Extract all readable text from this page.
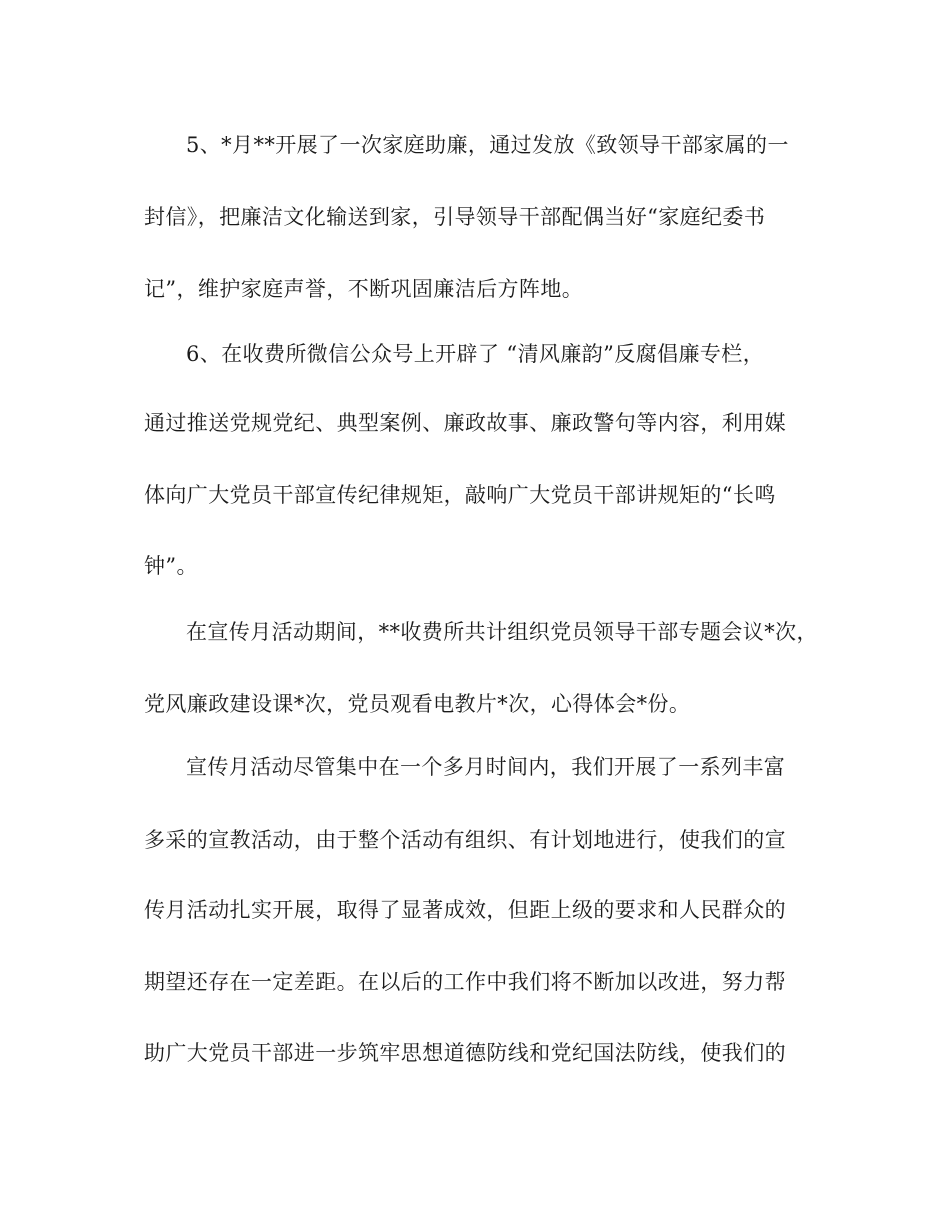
5、*月**开展了一次家庭助廉，通过发放《致领导干部家属的一
封信》，把廉洁文化输送到家，引导领导干部配偶当好“家庭纪委书
记”，维护家庭声誉，不断巩固廉洁后方阵地。
6、在收费所微信公众号上开辟了 “清风廉韵”反腐倡廉专栏，
通过推送党规党纪、典型案例、廉政故事、廉政警句等内容，利用媒
体向广大党员干部宣传纪律规矩，敲响广大党员干部讲规矩的“长鸣
钟”。
在宣传月活动期间，**收费所共计组织党员领导干部专题会议*次，
党风廉政建设课*次，党员观看电教片*次，心得体会*份。
宣传月活动尽管集中在一个多月时间内，我们开展了一系列丰富
多采的宣教活动，由于整个活动有组织、有计划地进行，使我们的宣
传月活动扎实开展，取得了显著成效，但距上级的要求和人民群众的
期望还存在一定差距。在以后的工作中我们将不断加以改进，努力帮
助广大党员干部进一步筑牢思想道德防线和党纪国法防线，使我们的
